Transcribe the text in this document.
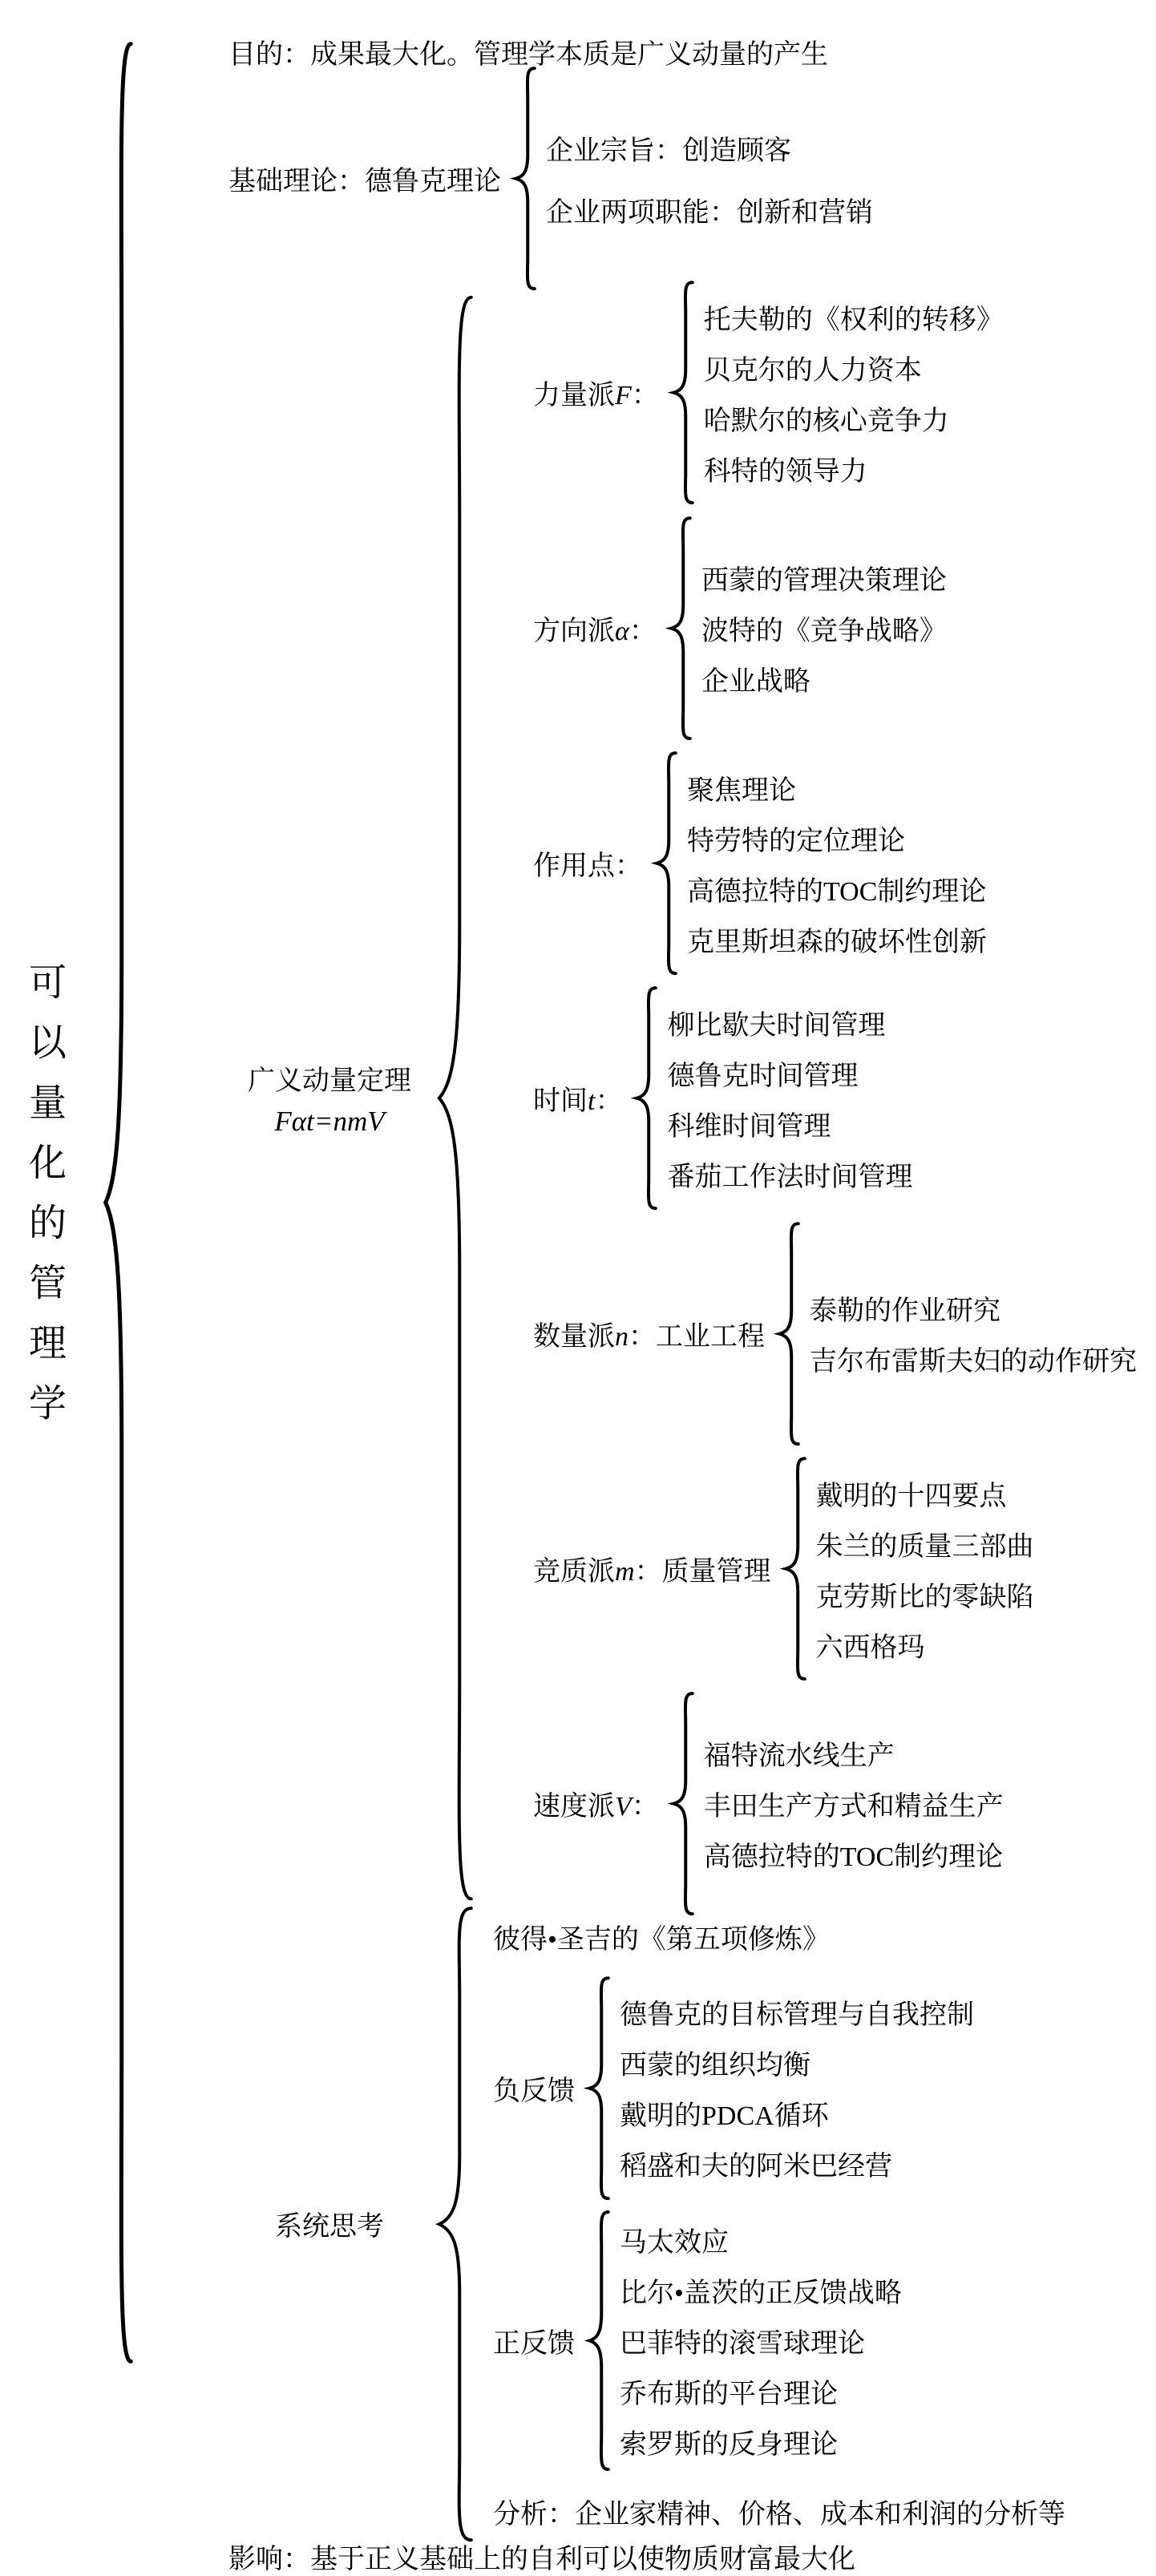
可以量化的管理学
目的：成果最大化。管理学本质是广义动量的产生
基础理论：德鲁克理论
企业宗旨：创造顾客
企业两项职能：创新和营销
广义动量定理
Fαt=nmV
力量派F：
托夫勒的《权利的转移》
贝克尔的人力资本
哈默尔的核心竞争力
科特的领导力
方向派α：
西蒙的管理决策理论
波特的《竞争战略》
企业战略
作用点：
聚焦理论
特劳特的定位理论
高德拉特的TOC制约理论
克里斯坦森的破坏性创新
时间t：
柳比歇夫时间管理
德鲁克时间管理
科维时间管理
番茄工作法时间管理
数量派n：工业工程
泰勒的作业研究
吉尔布雷斯夫妇的动作研究
竞质派m：质量管理
戴明的十四要点
朱兰的质量三部曲
克劳斯比的零缺陷
六西格玛
速度派V：
福特流水线生产
丰田生产方式和精益生产
高德拉特的TOC制约理论
系统思考
彼得•圣吉的《第五项修炼》
负反馈
德鲁克的目标管理与自我控制
西蒙的组织均衡
戴明的PDCA循环
稻盛和夫的阿米巴经营
正反馈
马太效应
比尔•盖茨的正反馈战略
巴菲特的滚雪球理论
乔布斯的平台理论
索罗斯的反身理论
分析：企业家精神、价格、成本和利润的分析等
影响：基于正义基础上的自利可以使物质财富最大化
